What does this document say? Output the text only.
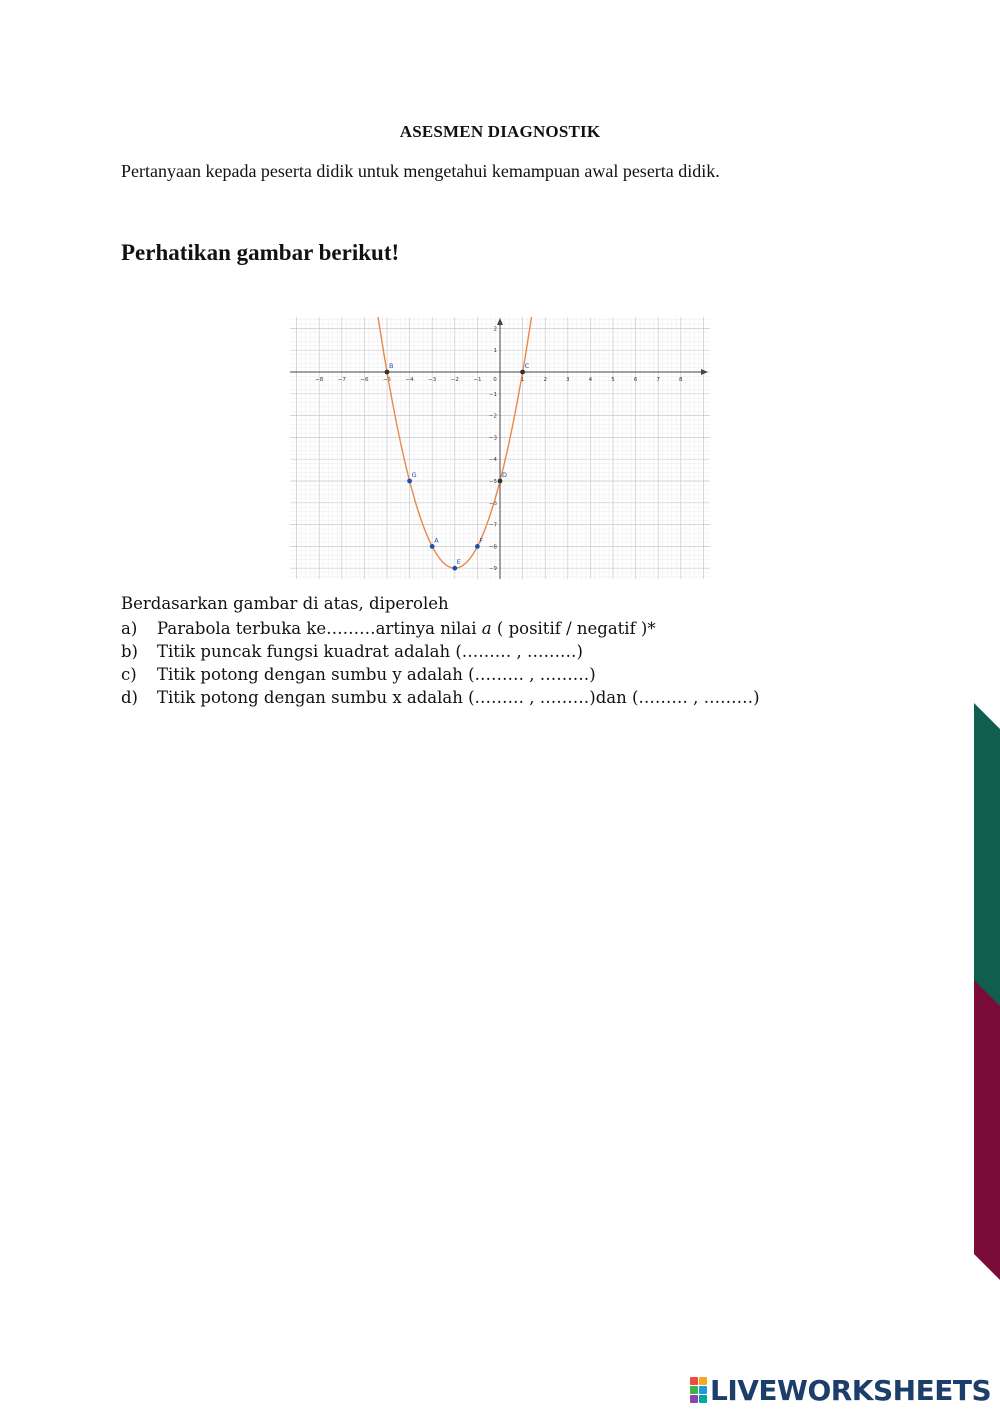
ASESMEN DIAGNOSTIK
Pertanyaan kepada peserta didik untuk mengetahui kemampuan awal peserta didik.
Perhatikan gambar berikut!
−8	−7	−6	−5	−4	−3	−2	−1 0	1	2	3	4	5	6	7	8
2
1
−1
−2
−3
−4
−5
−6
−7
−8
−9
B	C
G	D
A	F
E
Berdasarkan gambar di atas, diperoleh
a) Parabola terbuka ke………artinya nilai a ( positif / negatif )*
b) Titik puncak fungsi kuadrat adalah (……… , ………)
c) Titik potong dengan sumbu y adalah (……… , ………)
d) Titik potong dengan sumbu x adalah (……… , ………)dan (……… , ………)
LIVEWORKSHEETS
